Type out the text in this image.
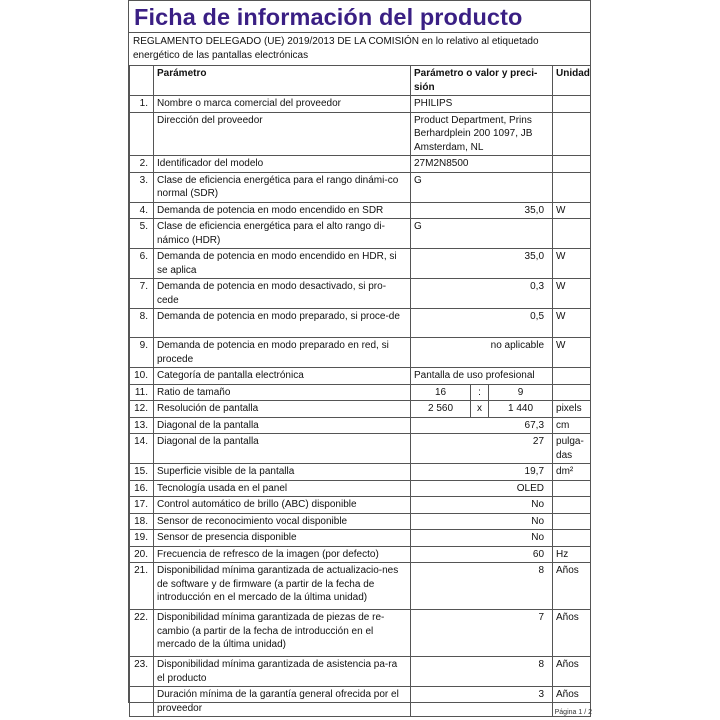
Ficha de información del producto
REGLAMENTO DELEGADO (UE) 2019/2013 DE LA COMISIÓN en lo relativo al etiquetado energético de las pantallas electrónicas
	Parámetro	Parámetro o valor y preci-sión			Unidad
1.	Nombre o marca comercial del proveedor	PHILIPS			
	Dirección del proveedor	Product Department, Prins Berhardplein 200 1097, JB Amsterdam, NL			
2.	Identificador del modelo	27M2N8500			
3.	Clase de eficiencia energética para el rango dinámi-co normal (SDR)	G			
4.	Demanda de potencia en modo encendido en SDR	35,0			W
5.	Clase de eficiencia energética para el alto rango di-námico (HDR)	G			
6.	Demanda de potencia en modo encendido en HDR, si se aplica	35,0			W
7.	Demanda de potencia en modo desactivado, si pro-cede	0,3			W
8.	Demanda de potencia en modo preparado, si proce-de	0,5			W
9.	Demanda de potencia en modo preparado en red, si procede	no aplicable			W
10.	Categoría de pantalla electrónica	Pantalla de uso profesional			
11.	Ratio de tamaño	16	:	9	
12.	Resolución de pantalla	2 560	x	1 440	pixels
13.	Diagonal de la pantalla	67,3			cm
14.	Diagonal de la pantalla	27			pulga-das
15.	Superficie visible de la pantalla	19,7			dm²
16.	Tecnología usada en el panel	OLED			
17.	Control automático de brillo (ABC) disponible	No			
18.	Sensor de reconocimiento vocal disponible	No			
19.	Sensor de presencia disponible	No			
20.	Frecuencia de refresco de la imagen (por defecto)	60			Hz
21.	Disponibilidad mínima garantizada de actualizacio-nes de software y de firmware (a partir de la fecha de introducción en el mercado de la última unidad)	8			Años
22.	Disponibilidad mínima garantizada de piezas de re-cambio (a partir de la fecha de introducción en el mercado de la última unidad)	7			Años
23.	Disponibilidad mínima garantizada de asistencia pa-ra el producto	8			Años
	Duración mínima de la garantía general ofrecida por el proveedor	3			Años
Página 1 / 2
